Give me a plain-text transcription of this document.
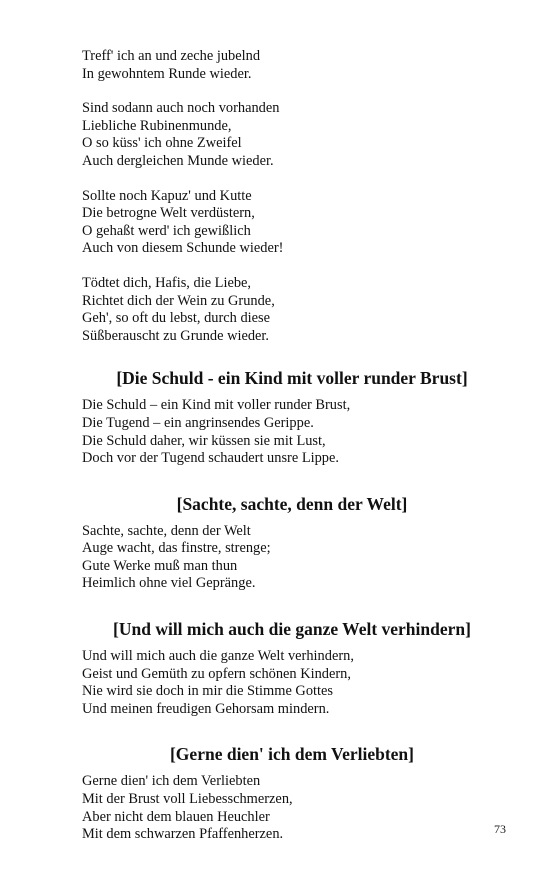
Treff' ich an und zeche jubelnd
In gewohntem Runde wieder.
Sind sodann auch noch vorhanden
Liebliche Rubinenmunde,
O so küss' ich ohne Zweifel
Auch dergleichen Munde wieder.
Sollte noch Kapuz' und Kutte
Die betrogne Welt verdüstern,
O gehaßt werd' ich gewißlich
Auch von diesem Schunde wieder!
Tödtet dich, Hafis, die Liebe,
Richtet dich der Wein zu Grunde,
Geh', so oft du lebst, durch diese
Süßberauscht zu Grunde wieder.
[Die Schuld - ein Kind mit voller runder Brust]
Die Schuld – ein Kind mit voller runder Brust,
Die Tugend – ein angrinsendes Gerippe.
Die Schuld daher, wir küssen sie mit Lust,
Doch vor der Tugend schaudert unsre Lippe.
[Sachte, sachte, denn der Welt]
Sachte, sachte, denn der Welt
Auge wacht, das finstre, strenge;
Gute Werke muß man thun
Heimlich ohne viel Gepränge.
[Und will mich auch die ganze Welt verhindern]
Und will mich auch die ganze Welt verhindern,
Geist und Gemüth zu opfern schönen Kindern,
Nie wird sie doch in mir die Stimme Gottes
Und meinen freudigen Gehorsam mindern.
[Gerne dien' ich dem Verliebten]
Gerne dien' ich dem Verliebten
Mit der Brust voll Liebesschmerzen,
Aber nicht dem blauen Heuchler
Mit dem schwarzen Pfaffenherzen.	73
